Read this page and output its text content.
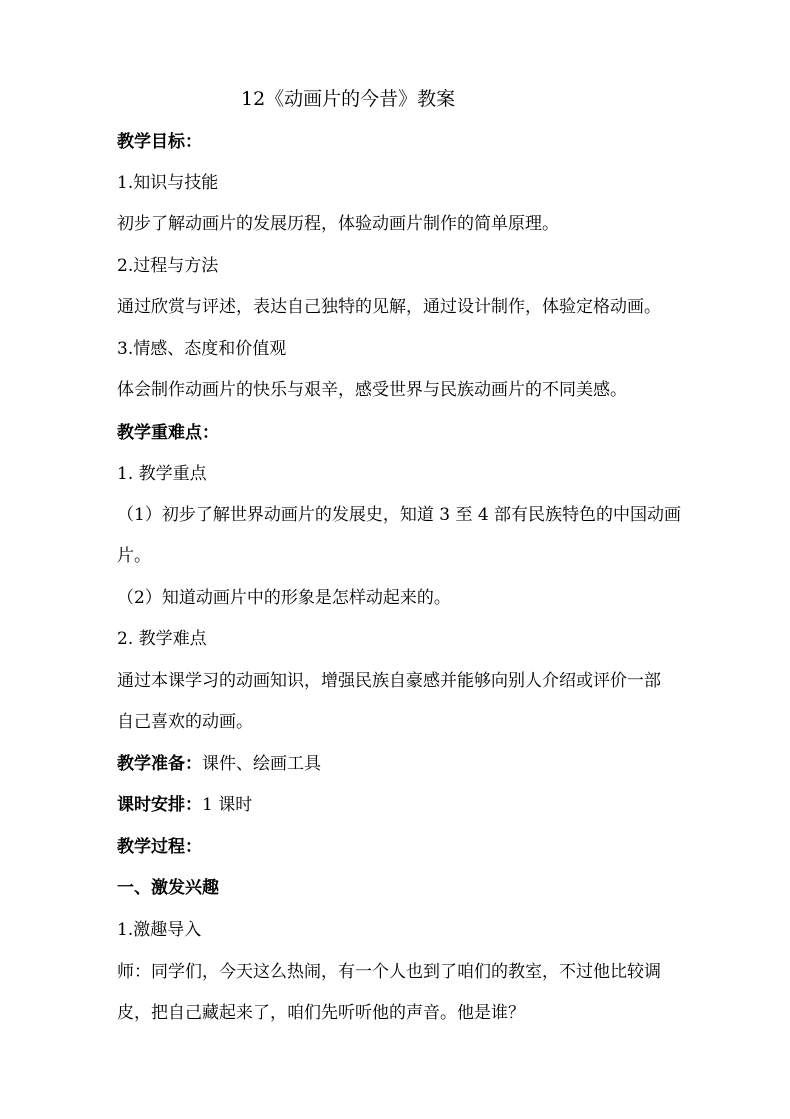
12《动画片的今昔》教案
教学目标：
1.知识与技能
初步了解动画片的发展历程，体验动画片制作的简单原理。
2.过程与方法
通过欣赏与评述，表达自己独特的见解，通过设计制作，体验定格动画。
3.情感、态度和价值观
体会制作动画片的快乐与艰辛，感受世界与民族动画片的不同美感。
教学重难点：
1. 教学重点
（1）初步了解世界动画片的发展史，知道 3 至 4 部有民族特色的中国动画
片。
（2）知道动画片中的形象是怎样动起来的。
2. 教学难点
通过本课学习的动画知识，增强民族自豪感并能够向别人介绍或评价一部
自己喜欢的动画。
教学准备：课件、绘画工具
课时安排：1 课时
教学过程：
一、激发兴趣
1.激趣导入
师：同学们，今天这么热闹，有一个人也到了咱们的教室，不过他比较调
皮，把自己藏起来了，咱们先听听他的声音。他是谁？
